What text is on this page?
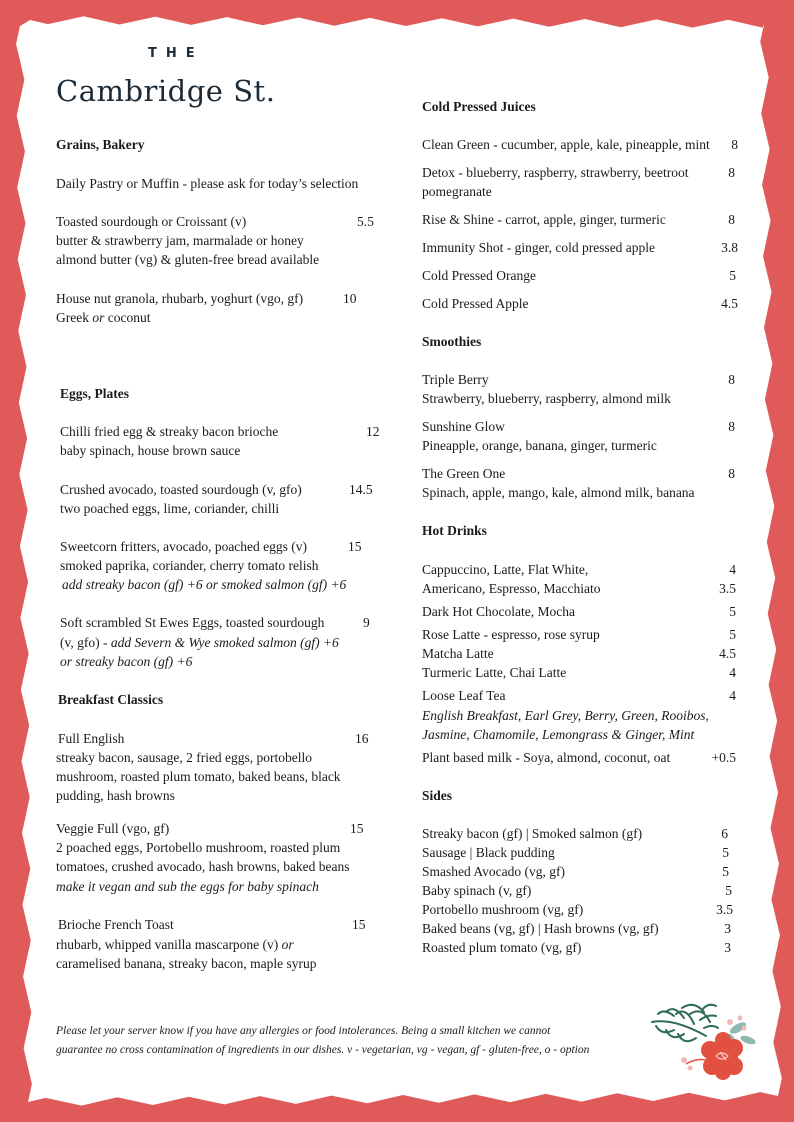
THE
Cambridge St.
Grains, Bakery
Daily Pastry or Muffin - please ask for today’s selection
Toasted sourdough or Croissant (v)	5.5
butter & strawberry jam, marmalade or honey
almond butter (vg) & gluten-free bread available
House nut granola, rhubarb, yoghurt (vgo, gf)	10
Greek or coconut
Eggs, Plates
Chilli fried egg & streaky bacon brioche	12
baby spinach, house brown sauce
Crushed avocado, toasted sourdough (v, gfo)	14.5
two poached eggs, lime, coriander, chilli
Sweetcorn fritters, avocado, poached eggs (v)	15
smoked paprika, coriander, cherry tomato relish
add streaky bacon (gf) +6 or smoked salmon (gf) +6
Soft scrambled St Ewes Eggs, toasted sourdough	9
(v, gfo) - add Severn & Wye smoked salmon (gf) +6
or streaky bacon (gf) +6
Breakfast Classics
Full English	16
streaky bacon, sausage, 2 fried eggs, portobello
mushroom, roasted plum tomato, baked beans, black
pudding, hash browns
Veggie Full (vgo, gf)	15
2 poached eggs, Portobello mushroom, roasted plum
tomatoes, crushed avocado, hash browns, baked beans
make it vegan and sub the eggs for baby spinach
Brioche French Toast	15
rhubarb, whipped vanilla mascarpone (v) or
caramelised banana, streaky bacon, maple syrup
Cold Pressed Juices
Clean Green - cucumber, apple, kale, pineapple, mint 8
Detox - blueberry, raspberry, strawberry, beetroot	8
pomegranate
Rise & Shine - carrot, apple, ginger, turmeric	8
Immunity Shot - ginger, cold pressed apple	3.8
Cold Pressed Orange	5
Cold Pressed Apple	4.5
Smoothies
Triple Berry	8
Strawberry, blueberry, raspberry, almond milk
Sunshine Glow	8
Pineapple, orange, banana, ginger, turmeric
The Green One	8
Spinach, apple, mango, kale, almond milk, banana
Hot Drinks
Cappuccino, Latte, Flat White,	4
Americano, Espresso, Macchiato	3.5
Dark Hot Chocolate, Mocha	5
Rose Latte - espresso, rose syrup	5
Matcha Latte	4.5
Turmeric Latte, Chai Latte	4
Loose Leaf Tea	4
English Breakfast, Earl Grey, Berry, Green, Rooibos,
Jasmine, Chamomile, Lemongrass & Ginger, Mint
Plant based milk - Soya, almond, coconut, oat	+0.5
Sides
Streaky bacon (gf) | Smoked salmon (gf)	6
Sausage | Black pudding	5
Smashed Avocado (vg, gf)	5
Baby spinach (v, gf)	5
Portobello mushroom (vg, gf)	3.5
Baked beans (vg, gf) | Hash browns (vg, gf)	3
Roasted plum tomato (vg, gf)	3
Please let your server know if you have any allergies or food intolerances. Being a small kitchen we cannot
guarantee no cross contamination of ingredients in our dishes. v - vegetarian, vg - vegan, gf - gluten-free, o - option
